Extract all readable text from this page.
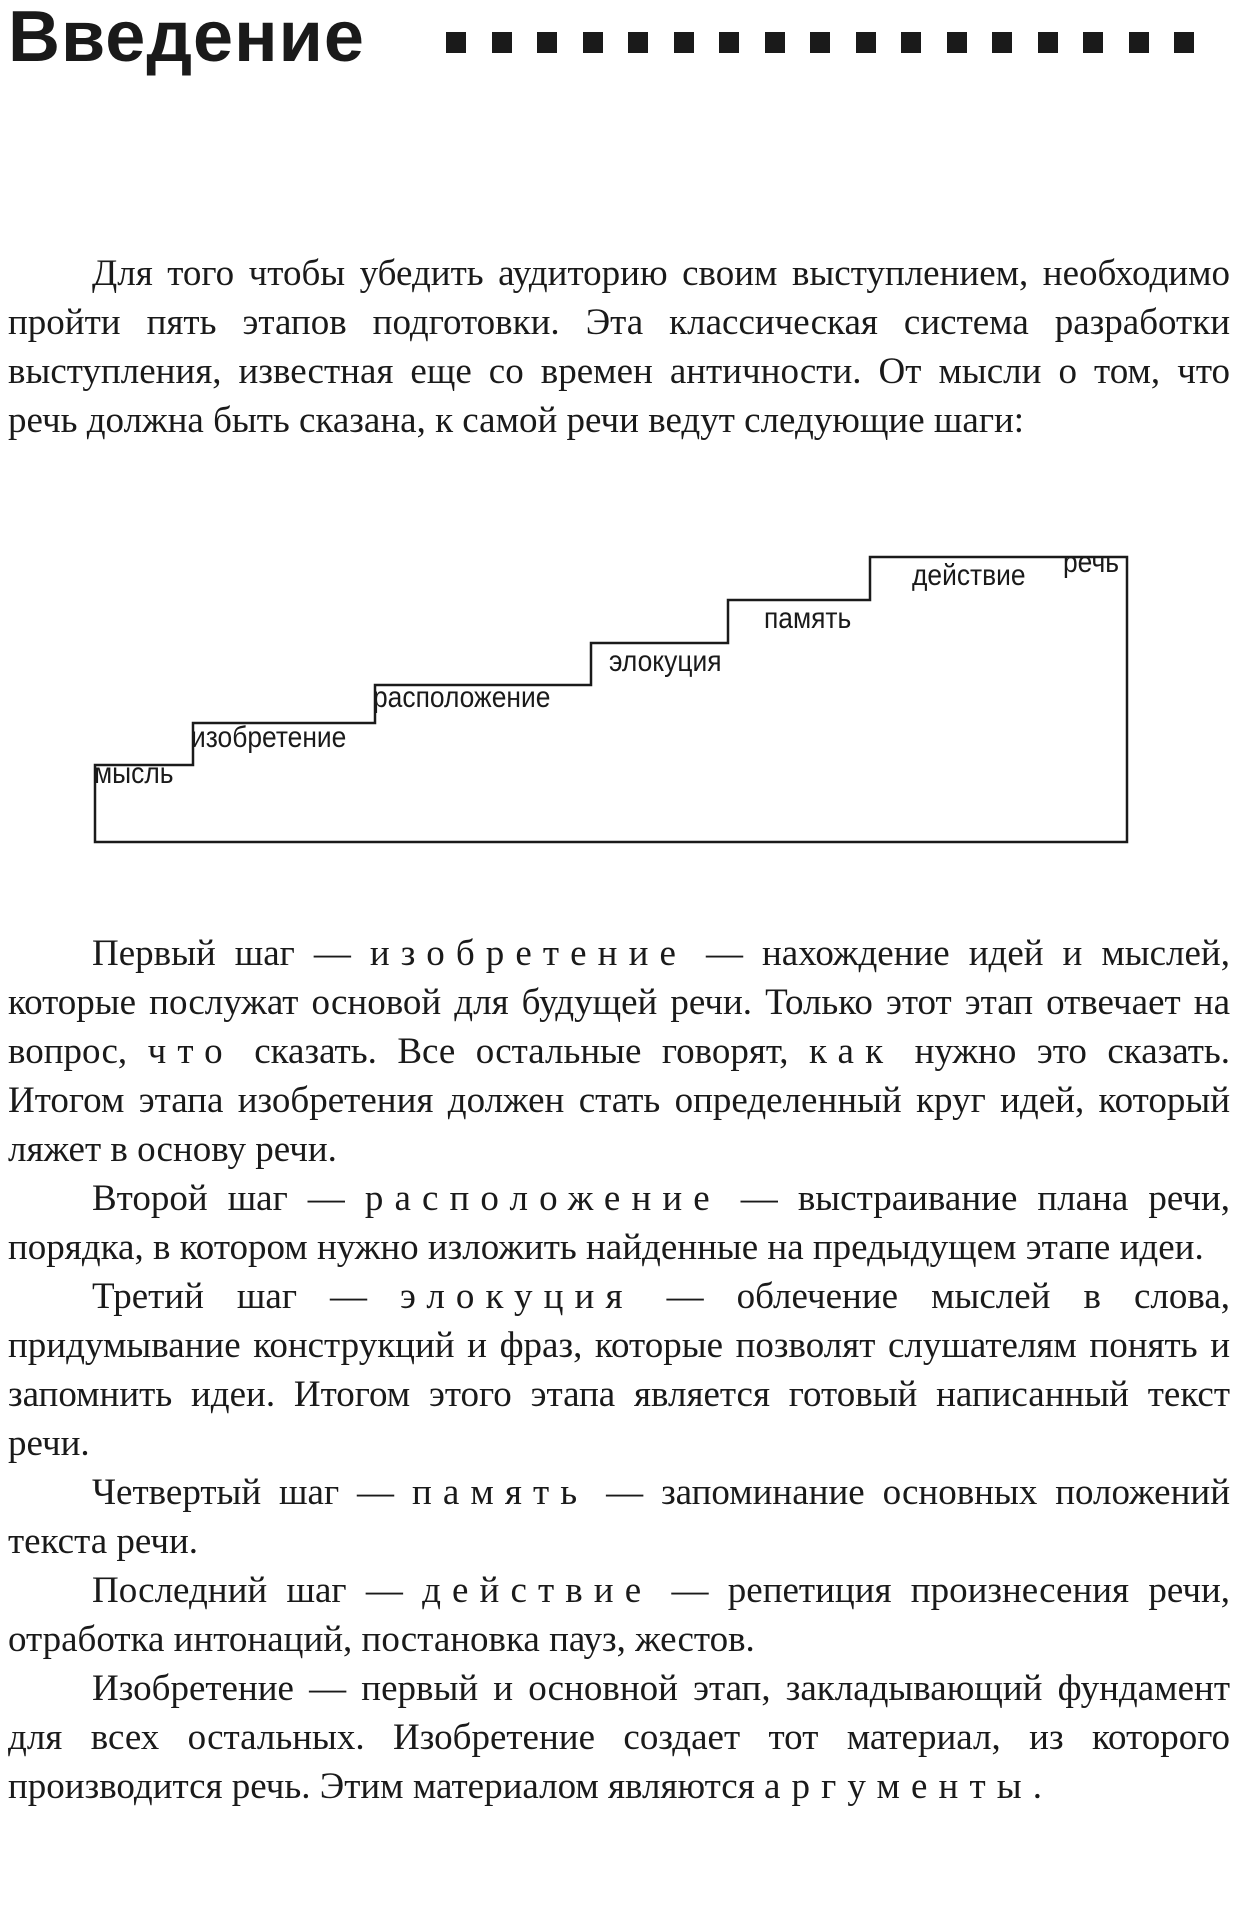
Введение

Для того чтобы убедить аудиторию своим выступлением, необходимо пройти пять этапов подготовки. Эта классическая система разработки выступления, известная еще со времен античности. От мысли о том, что речь должна быть сказана, к самой речи ведут следующие шаги:

мысль
изобретение
расположение
элокуция
память
действие речь

Первый шаг — изобретение — нахождение идей и мыслей, которые послужат основой для будущей речи. Только этот этап отвечает на вопрос, что сказать. Все остальные говорят, как нужно это сказать. Итогом этапа изобретения должен стать определенный круг идей, который ляжет в основу речи.

Второй шаг — расположение — выстраивание плана речи, порядка, в котором нужно изложить найденные на предыдущем этапе идеи.

Третий шаг — элокуция — облечение мыслей в слова, придумывание конструкций и фраз, которые позволят слушателям понять и запомнить идеи. Итогом этого этапа является готовый написанный текст речи.

Четвертый шаг — память — запоминание основных положений текста речи.

Последний шаг — действие — репетиция произнесения речи, отработка интонаций, постановка пауз, жестов.

Изобретение — первый и основной этап, закладывающий фундамент для всех остальных. Изобретение создает тот материал, из которого производится речь. Этим материалом являются аргументы.
